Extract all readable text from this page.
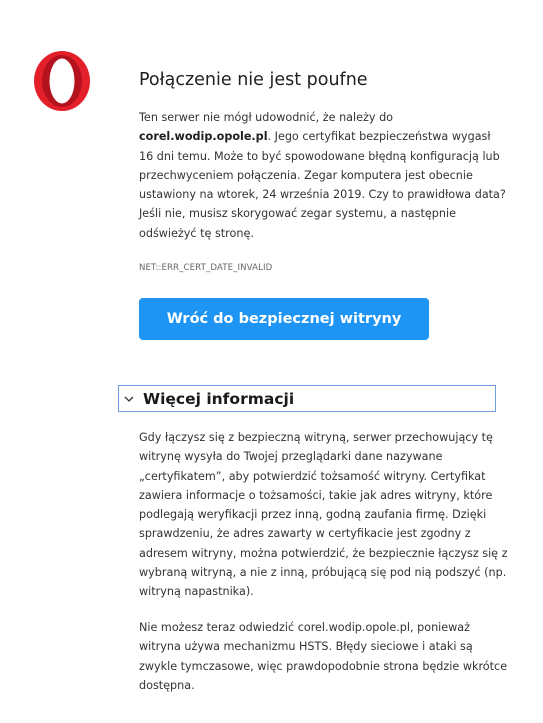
Połączenie nie jest poufne

Ten serwer nie mógł udowodnić, że należy do
corel.wodip.opole.pl. Jego certyfikat bezpieczeństwa wygasł 16 dni temu. Może to być spowodowane błędną konfiguracją lub przechwyceniem połączenia. Zegar komputera jest obecnie ustawiony na wtorek, 24 września 2019. Czy to prawidłowa data? Jeśli nie, musisz skorygować zegar systemu, a następnie odświeżyć tę stronę.

NET::ERR_CERT_DATE_INVALID
Wróć do bezpiecznej witryny
Więcej informacji

Gdy łączysz się z bezpieczną witryną, serwer przechowujący tę witrynę wysyła do Twojej przeglądarki dane nazywane „certyfikatem”, aby potwierdzić tożsamość witryny. Certyfikat zawiera informacje o tożsamości, takie jak adres witryny, które podlegają weryfikacji przez inną, godną zaufania firmę. Dzięki sprawdzeniu, że adres zawarty w certyfikacie jest zgodny z adresem witryny, można potwierdzić, że bezpiecznie łączysz się z wybraną witryną, a nie z inną, próbującą się pod nią podszyć (np. witryną napastnika).

Nie możesz teraz odwiedzić corel.wodip.opole.pl, ponieważ witryna używa mechanizmu HSTS. Błędy sieciowe i ataki są zwykle tymczasowe, więc prawdopodobnie strona będzie wkrótce dostępna.
